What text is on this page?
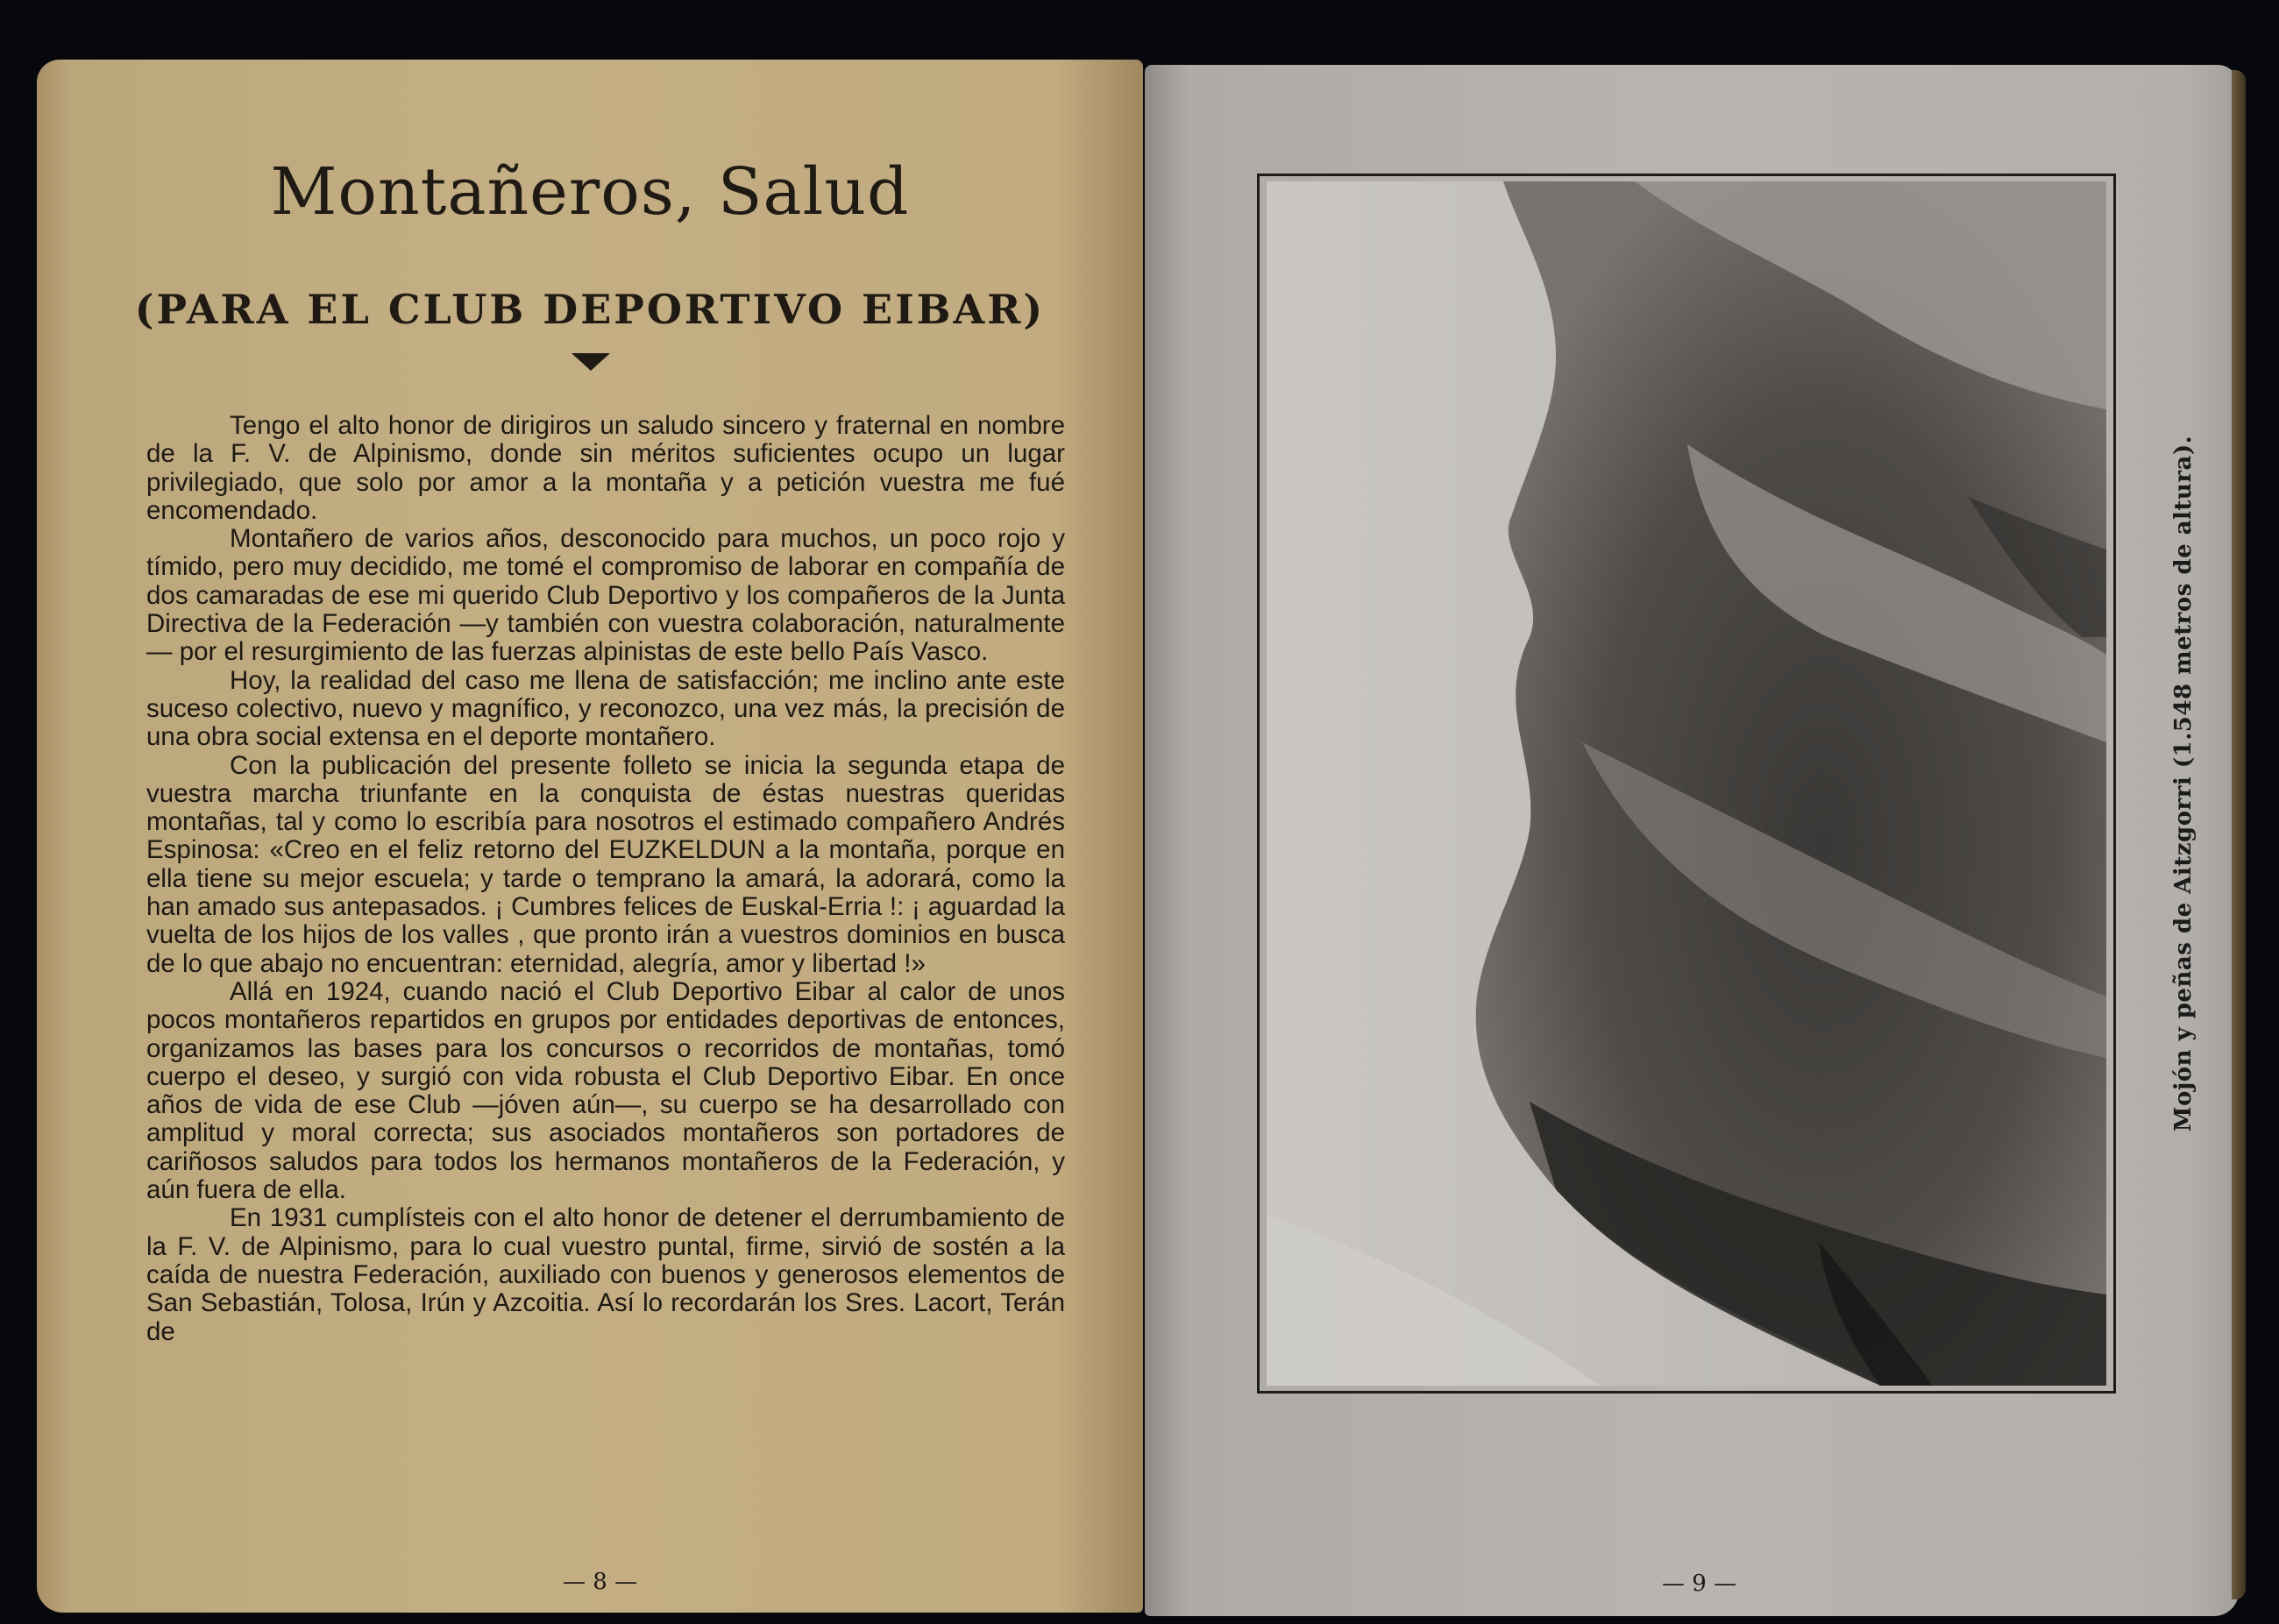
Montañeros, Salud
(PARA EL CLUB DEPORTIVO EIBAR)

Tengo el alto honor de dirigiros un saludo sincero y fraternal en nombre de la F. V. de Alpinismo, donde sin méritos suficientes ocupo un lugar privilegiado, que solo por amor a la montaña y a petición vuestra me fué encomendado.

Montañero de varios años, desconocido para muchos, un poco rojo y tímido, pero muy decidido, me tomé el compromiso de laborar en compañía de dos camaradas de ese mi querido Club Deportivo y los compañeros de la Junta Directiva de la Federación —y también con vuestra colaboración, naturalmente— por el resurgimiento de las fuerzas alpinistas de este bello País Vasco.

Hoy, la realidad del caso me llena de satisfacción; me inclino ante este suceso colectivo, nuevo y magnífico, y reconozco, una vez más, la precisión de una obra social extensa en el deporte montañero.

Con la publicación del presente folleto se inicia la segunda etapa de vuestra marcha triunfante en la conquista de éstas nuestras queridas montañas, tal y como lo escribía para nosotros el estimado compañero Andrés Espinosa: «Creo en el feliz retorno del EUZKELDUN a la montaña, porque en ella tiene su mejor escuela; y tarde o temprano la amará, la adorará, como la han amado sus antepasados. ¡ Cumbres felices de Euskal-Erria !: ¡ aguardad la vuelta de los hijos de los valles , que pronto irán a vuestros dominios en busca de lo que abajo no encuentran: eternidad, alegría, amor y libertad !»

Allá en 1924, cuando nació el Club Deportivo Eibar al calor de unos pocos montañeros repartidos en grupos por entidades deportivas de entonces, organizamos las bases para los concursos o recorridos de montañas, tomó cuerpo el deseo, y surgió con vida robusta el Club Deportivo Eibar. En once años de vida de ese Club —jóven aún—, su cuerpo se ha desarrollado con amplitud y moral correcta; sus asociados montañeros son portadores de cariñosos saludos para todos los hermanos montañeros de la Federación, y aún fuera de ella.

En 1931 cumplísteis con el alto honor de detener el derrumbamiento de la F. V. de Alpinismo, para lo cual vuestro puntal, firme, sirvió de sostén a la caída de nuestra Federación, auxiliado con buenos y generosos elementos de San Sebastián, Tolosa, Irún y Azcoitia. Así lo recordarán los Sres. Lacort, Terán de

— 8 —
Mojón y peñas de Aitzgorri (1.548 metros de altura).
— 9 —
